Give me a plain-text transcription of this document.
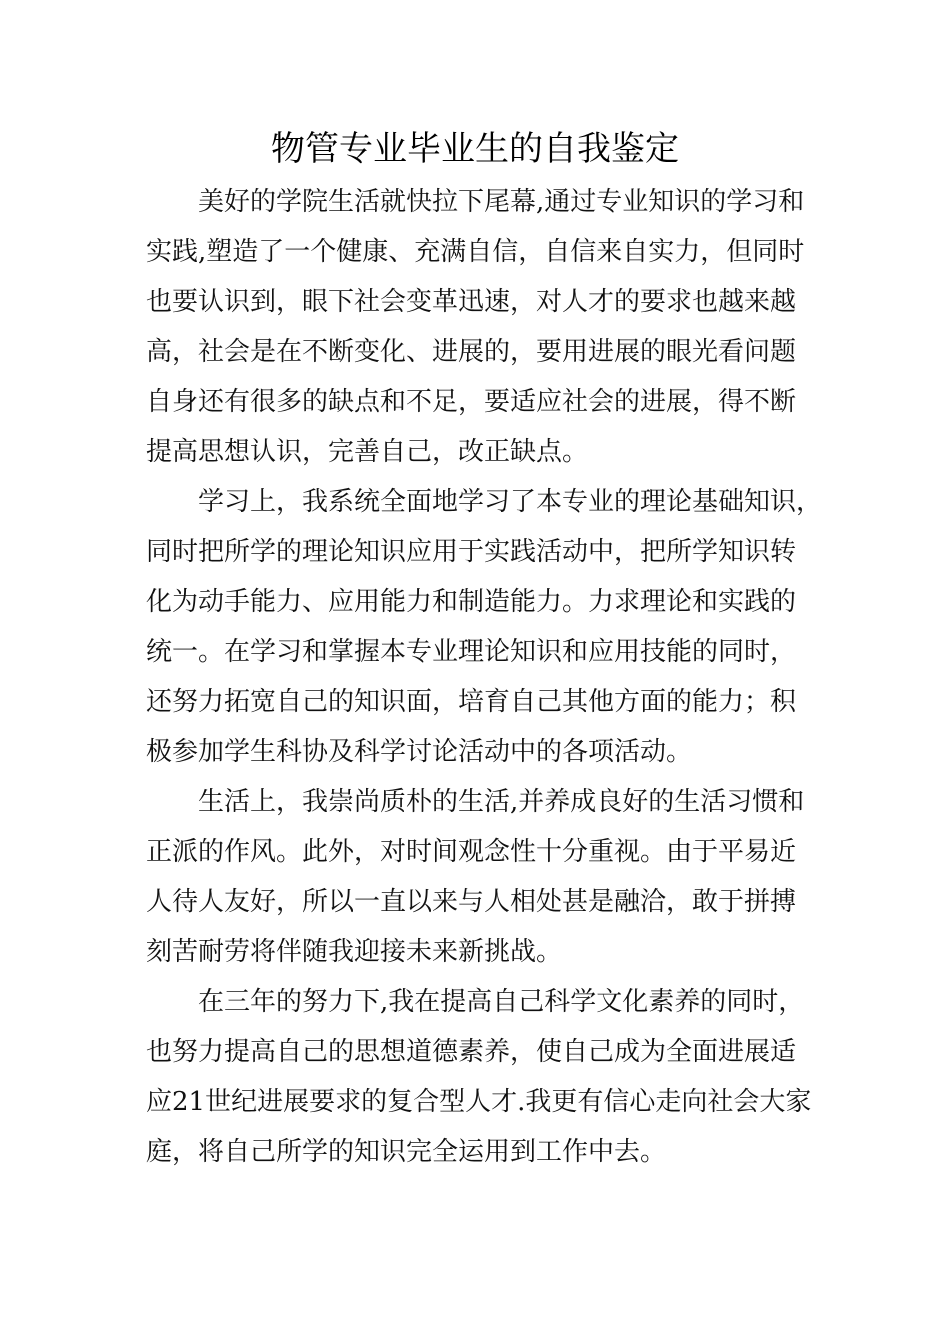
物管专业毕业生的自我鉴定
美好的学院生活就快拉下尾幕,通过专业知识的学习和
实践,塑造了一个健康、充满自信，自信来自实力，但同时
也要认识到，眼下社会变革迅速，对人才的要求也越来越
高，社会是在不断变化、进展的，要用进展的眼光看问题
自身还有很多的缺点和不足，要适应社会的进展，得不断
提高思想认识，完善自己，改正缺点。
学习上，我系统全面地学习了本专业的理论基础知识，
同时把所学的理论知识应用于实践活动中，把所学知识转
化为动手能力、应用能力和制造能力。力求理论和实践的
统一。在学习和掌握本专业理论知识和应用技能的同时，
还努力拓宽自己的知识面，培育自己其他方面的能力；积
极参加学生科协及科学讨论活动中的各项活动。
生活上，我崇尚质朴的生活,并养成良好的生活习惯和
正派的作风。此外，对时间观念性十分重视。由于平易近
人待人友好，所以一直以来与人相处甚是融洽，敢于拼搏
刻苦耐劳将伴随我迎接未来新挑战。
在三年的努力下,我在提高自己科学文化素养的同时，
也努力提高自己的思想道德素养，使自己成为全面进展适
应21世纪进展要求的复合型人才.我更有信心走向社会大家
庭，将自己所学的知识完全运用到工作中去。
